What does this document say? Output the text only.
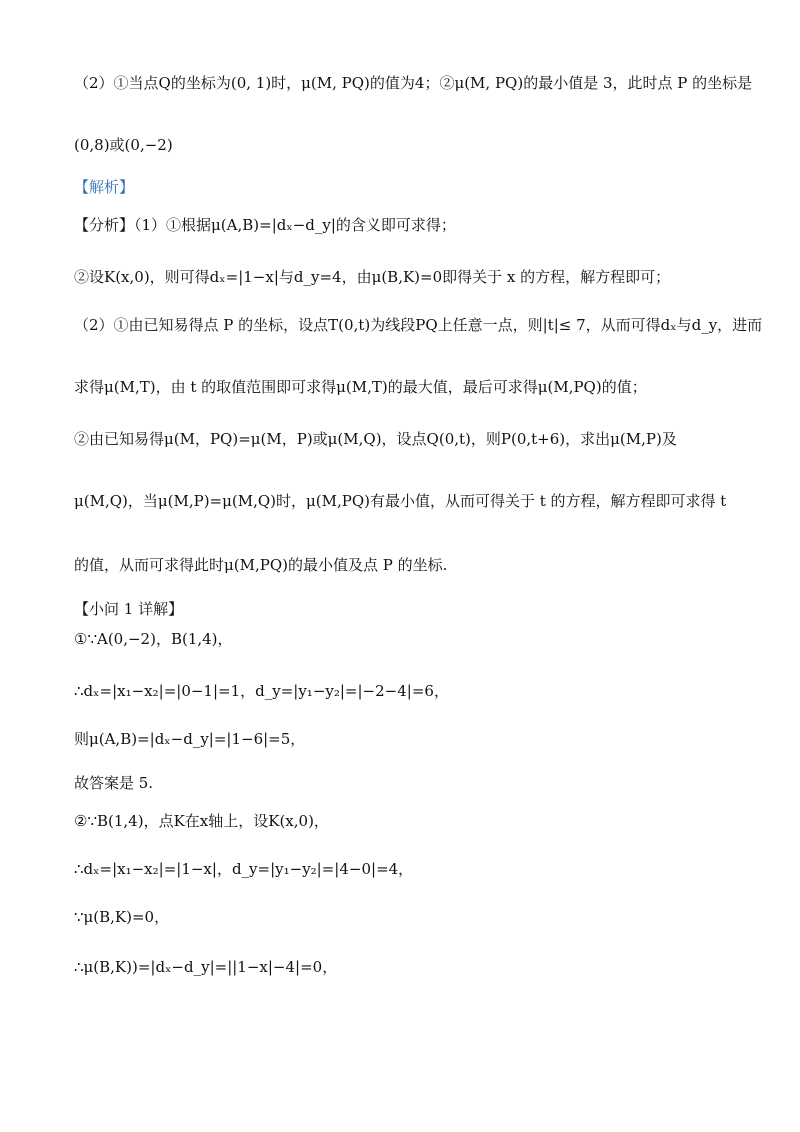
（2）①当点Q的坐标为(0, 1)时，μ(M, PQ)的值为4；②μ(M, PQ)的最小值是 3，此时点 P 的坐标是
(0,8)或(0,−2)
【解析】
【分析】（1）①根据μ(A,B)=|dₓ−d_y|的含义即可求得；
②设K(x,0)，则可得dₓ=|1−x|与d_y=4，由μ(B,K)=0即得关于 x 的方程，解方程即可；
（2）①由已知易得点 P 的坐标，设点T(0,t)为线段PQ上任意一点，则|t|≤ 7，从而可得dₓ与d_y，进而
求得μ(M,T)，由 t 的取值范围即可求得μ(M,T)的最大值，最后可求得μ(M,PQ)的值；
②由已知易得μ(M，PQ)=μ(M，P)或μ(M,Q)，设点Q(0,t)，则P(0,t+6)，求出μ(M,P)及
μ(M,Q)，当μ(M,P)=μ(M,Q)时，μ(M,PQ)有最小值，从而可得关于 t 的方程，解方程即可求得 t
的值，从而可求得此时μ(M,PQ)的最小值及点 P 的坐标.
【小问 1 详解】
①∵A(0,−2)，B(1,4)，
∴dₓ=|x₁−x₂|=|0−1|=1，d_y=|y₁−y₂|=|−2−4|=6，
则μ(A,B)=|dₓ−d_y|=|1−6|=5，
故答案是 5.
②∵B(1,4)，点K在x轴上，设K(x,0)，
∴dₓ=|x₁−x₂|=|1−x|，d_y=|y₁−y₂|=|4−0|=4，
∵μ(B,K)=0，
∴μ(B,K))=|dₓ−d_y|=||1−x|−4|=0，
